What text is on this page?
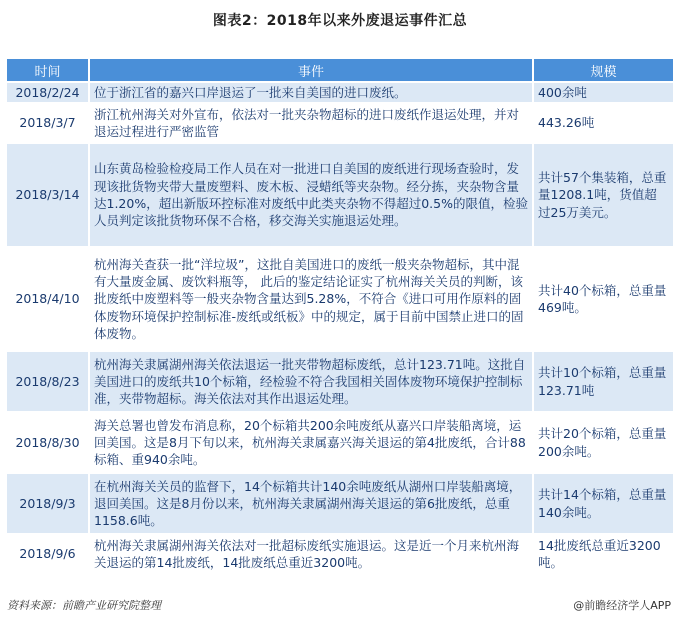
图表2：2018年以来外废退运事件汇总
时间	事件	规模
2018/2/24	位于浙江省的嘉兴口岸退运了一批来自美国的进口废纸。	400余吨
2018/3/7	浙江杭州海关对外宣布，依法对一批夹杂物超标的进口废纸作退运处理，并对退运过程进行严密监管	443.26吨
2018/3/14	山东黄岛检验检疫局工作人员在对一批进口自美国的废纸进行现场查验时，发现该批货物夹带大量废塑料、废木板、浸蜡纸等夹杂物。经分拣，夹杂物含量达1.20%，超出新版环控标准对废纸中此类夹杂物不得超过0.5%的限值，检验人员判定该批货物环保不合格，移交海关实施退运处理。	共计57个集装箱，总重量1208.1吨，货值超过25万美元。
2018/4/10	杭州海关查获一批“洋垃圾”，这批自美国进口的废纸一般夹杂物超标，其中混有大量废金属、废饮料瓶等， 此后的鉴定结论证实了杭州海关关员的判断，该批废纸中废塑料等一般夹杂物含量达到5.28%，不符合《进口可用作原料的固体废物环境保护控制标准-废纸或纸板》中的规定，属于目前中国禁止进口的固体废物。	共计40个标箱，总重量469吨。
2018/8/23	杭州海关隶属湖州海关依法退运一批夹带物超标废纸，总计123.71吨。这批自美国进口的废纸共10个标箱，经检验不符合我国相关固体废物环境保护控制标准，夹带物超标。海关依法对其作出退运处理。	共计10个标箱，总重量123.71吨
2018/8/30	海关总署也曾发布消息称，20个标箱共200余吨废纸从嘉兴口岸装船离境，运回美国。这是8月下旬以来，杭州海关隶属嘉兴海关退运的第4批废纸，合计88标箱、重940余吨。	共计20个标箱，总重量200余吨。
2018/9/3	在杭州海关关员的监督下，14个标箱共计140余吨废纸从湖州口岸装船离境，退回美国。这是8月份以来，杭州海关隶属湖州海关退运的第6批废纸，总重1158.6吨。	共计14个标箱，总重量140余吨。
2018/9/6	杭州海关隶属湖州海关依法对一批超标废纸实施退运。这是近一个月来杭州海关退运的第14批废纸，14批废纸总重近3200吨。	14批废纸总重近3200吨。
资料来源：前瞻产业研究院整理	@前瞻经济学人APP
